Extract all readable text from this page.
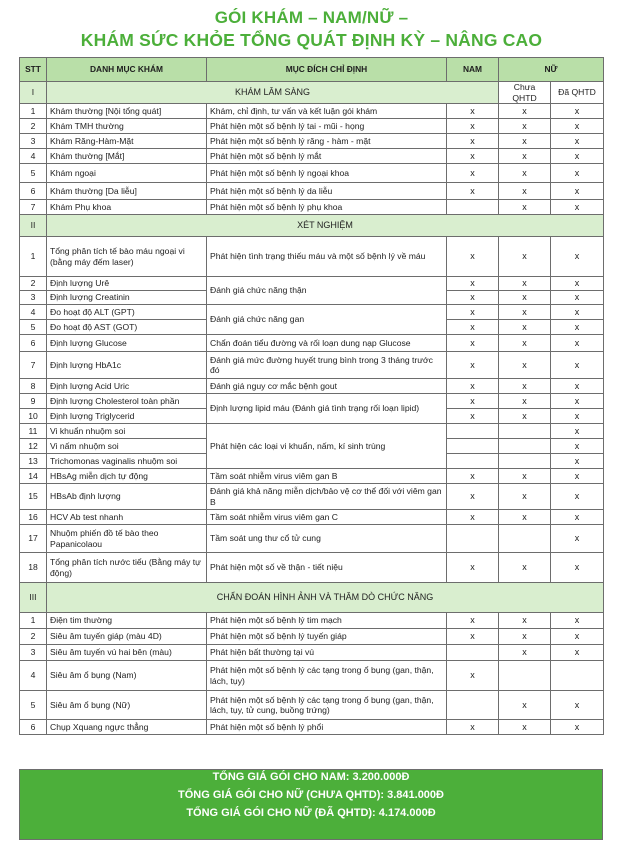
GÓI KHÁM – NAM/NỮ –
KHÁM SỨC KHỎE TỔNG QUÁT ĐỊNH KỲ – NÂNG CAO
STT	DANH MỤC KHÁM	MỤC ĐÍCH CHỈ ĐỊNH	NAM	NỮ	
I	KHÁM LÂM SÀNG			Chưa QHTD	Đã QHTD
1	Khám thường [Nội tổng quát]	Khám, chỉ định, tư vấn và kết luận gói khám	x	x	x
2	Khám TMH thường	Phát hiện một số bệnh lý tai - mũi - họng	x	x	x
3	Khám Răng-Hàm-Mặt	Phát hiện một số bệnh lý răng - hàm - mặt	x	x	x
4	Khám thường [Mắt]	Phát hiện một số bệnh lý mắt	x	x	x
5	Khám ngoại	Phát hiện một số bệnh lý ngoại khoa	x	x	x
6	Khám thường [Da liễu]	Phát hiện một số bệnh lý da liễu	x	x	x
7	Khám Phụ khoa	Phát hiện một số bệnh lý phụ khoa		x	x
II	XÉT NGHIỆM				
1	Tổng phân tích tế bào máu ngoại vi (bằng máy đếm laser)	Phát hiện tình trạng thiếu máu và một số bệnh lý về máu	x	x	x
2	Định lượng Urê	Đánh giá chức năng thận	x	x	x
3	Định lượng Creatinin		x	x	x
4	Đo hoạt độ ALT (GPT)	Đánh giá chức năng gan	x	x	x
5	Đo hoạt độ AST (GOT)		x	x	x
6	Định lượng Glucose	Chẩn đoán tiểu đường và rối loạn dung nạp Glucose	x	x	x
7	Định lượng HbA1c	Đánh giá mức đường huyết trung bình trong 3 tháng trước đó	x	x	x
8	Định lượng Acid Uric	Đánh giá nguy cơ mắc bệnh gout	x	x	x
9	Định lượng Cholesterol toàn phần	Định lượng lipid máu (Đánh giá tình trạng rối loạn lipid)	x	x	x
10	Định lượng Triglycerid		x	x	x
11	Vi khuẩn nhuộm soi	Phát hiện các loại vi khuẩn, nấm, kí sinh trùng			x
12	Vi nấm nhuộm soi				x
13	Trichomonas vaginalis nhuộm soi				x
14	HBsAg miễn dịch tự động	Tầm soát nhiễm virus viêm gan B	x	x	x
15	HBsAb định lượng	Đánh giá khả năng miễn dịch/bảo vệ cơ thể đối với viêm gan B	x	x	x
16	HCV Ab test nhanh	Tầm soát nhiễm virus viêm gan C	x	x	x
17	Nhuộm phiến đồ tế bào theo Papanicolaou	Tầm soát ung thư cổ tử cung			x
18	Tổng phân tích nước tiểu (Bằng máy tự động)	Phát hiện một số về thận - tiết niệu	x	x	x
III	CHẨN ĐOÁN HÌNH ẢNH VÀ THĂM DÒ CHỨC NĂNG				
1	Điện tim thường	Phát hiện một số bệnh lý tim mạch	x	x	x
2	Siêu âm tuyến giáp (màu 4D)	Phát hiện một số bệnh lý tuyến giáp	x	x	x
3	Siêu âm tuyến vú hai bên (màu)	Phát hiện bất thường tại vú		x	x
4	Siêu âm ổ bụng (Nam)	Phát hiện một số bệnh lý các tạng trong ổ bụng (gan, thận, lách, tụy)	x		
5	Siêu âm ổ bụng (Nữ)	Phát hiện một số bệnh lý các tạng trong ổ bụng (gan, thận, lách, tụy, tử cung, buồng trứng)		x	x
6	Chụp Xquang ngực thẳng	Phát hiện một số bệnh lý phổi	x	x	x
TỔNG GIÁ GÓI CHO NAM: 3.200.000Đ
TỔNG GIÁ GÓI CHO NỮ (CHƯA QHTD): 3.841.000Đ
TỔNG GIÁ GÓI CHO NỮ (ĐÃ QHTD): 4.174.000Đ
